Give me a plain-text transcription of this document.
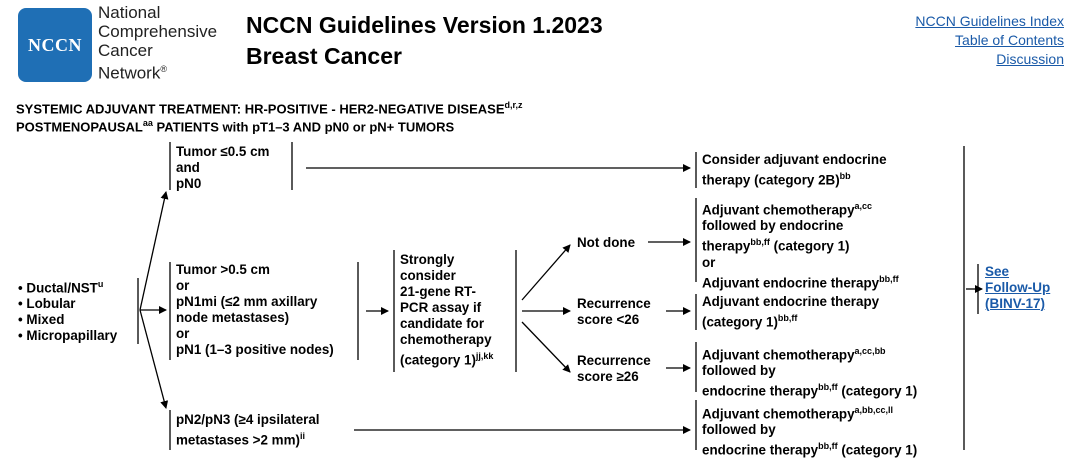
NCCN
National
Comprehensive
Cancer
Network®
NCCN Guidelines Version 1.2023
Breast Cancer
NCCN Guidelines Index
Table of Contents
Discussion
SYSTEMIC ADJUVANT TREATMENT: HR-POSITIVE - HER2-NEGATIVE DISEASE$^{d,r,z}$
$POSTMENOPAUSAL^{aa}$ PATIENTS with pT1–3 AND pN0 or pN+ TUMORS
• Ductal/NST$^u$
• Lobular
• Mixed
• Micropapillary
Tumor ≤0.5 cm
and
pN0
Tumor >0.5 cm
or
pN1mi (≤2 mm axillary
node metastases)
or
pN1 (1–3 positive nodes)
pN2/pN3 (≥4 ipsilateral
metastases >2 mm)$^{ii}$
Strongly
consider
21-gene RT-
PCR assay if
candidate for
chemotherapy
(category 1)$^{jj,kk}$
Not done
Recurrence
score <26
Recurrence
score ≥26
Consider adjuvant endocrine
therapy (category 2B)$^{bb}$
Adjuvant chemotherapy$^{a,cc}$
followed by endocrine
therapy$^{bb,ff}$ (category 1)
or
Adjuvant endocrine therapy$^{bb,ff}$
Adjuvant endocrine therapy
(category 1)$^{bb,ff}$
Adjuvant chemotherapy$^{a,cc,bb}$
followed by
endocrine therapy$^{bb,ff}$ (category 1)
Adjuvant chemotherapy$^{a,bb,cc,ll}$
followed by
endocrine therapy$^{bb,ff}$ (category 1)
See
Follow-Up
(BINV-17)
